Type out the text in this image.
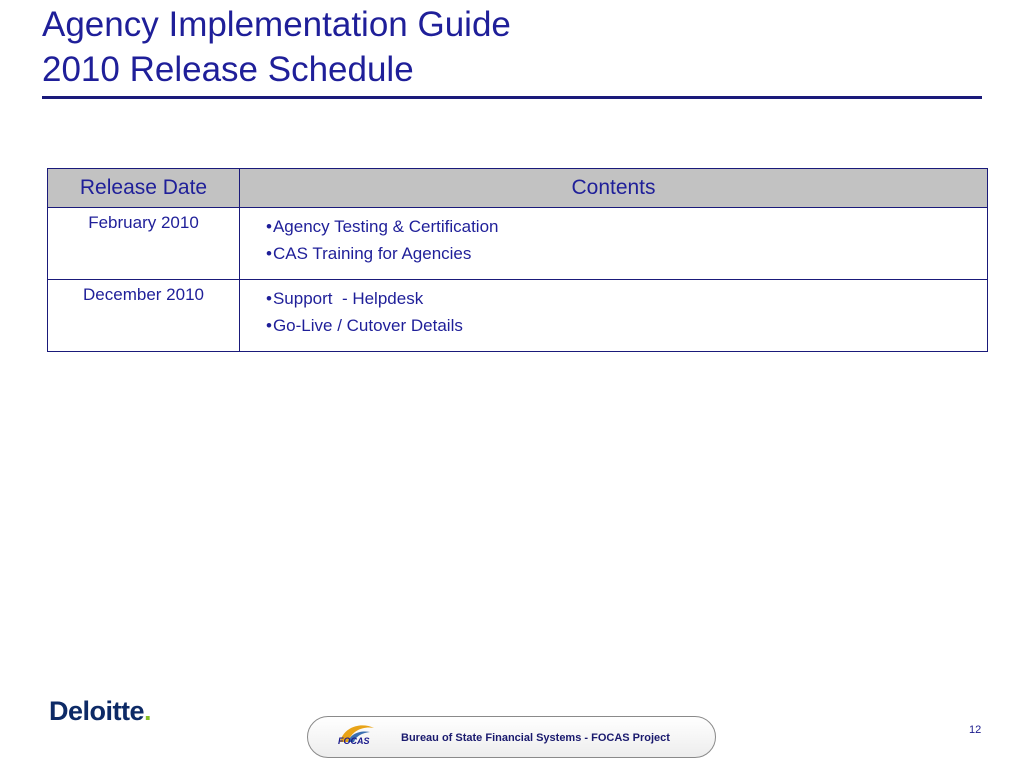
Agency Implementation Guide
2010 Release Schedule
Release Date	Contents
February 2010	•Agency Testing & Certification
•CAS Training for Agencies

December 2010	•Support  - Helpdesk
•Go-Live / Cutover Details
Deloitte.
FOCAS	Bureau of State Financial Systems - FOCAS Project
12
